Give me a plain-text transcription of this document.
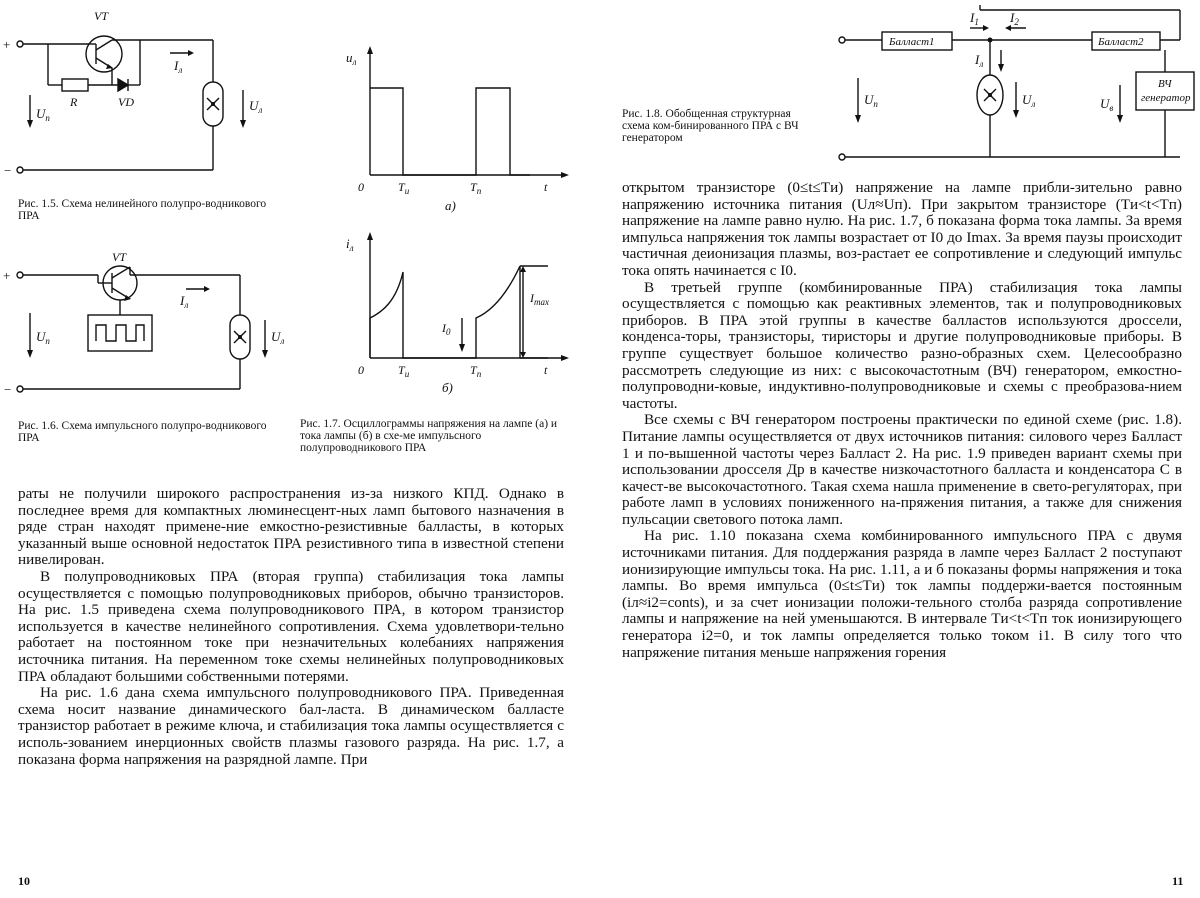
+
−
VT
R	VD
$I_л$
$U_п$
$U_л$
Рис. 1.5. Схема нелинейного полупро-водникового ПРА
+
−
VT
$I_л$
$U_п$	$U_л$
Рис. 1.6. Схема импульсного полупро-водникового ПРА
$u_л$
0	$T_и$	$T_п$	t
а)
$i_л$
0	$T_и$	$T_п$	t
б)
$I_0$
$I_{max}$
Рис. 1.7. Осциллограммы напряжения на лампе (а) и тока лампы (б) в схе-ме импульсного полупроводникового ПРА

раты не получили широкого распространения из-за низкого КПД. Однако в последнее время для компактных люминесцент-ных ламп бытового назначения в ряде стран находят примене-ние емкостно-резистивные балласты, в которых указанный выше основной недостаток ПРА резистивного типа в известной степени нивелирован.

В полупроводниковых ПРА (вторая группа) стабилизация тока лампы осуществляется с помощью полупроводниковых приборов, обычно транзисторов. На рис. 1.5 приведена схема полупроводникового ПРА, в котором транзистор используется в качестве нелинейного сопротивления. Схема удовлетвори-тельно работает на постоянном токе при незначительных колебаниях напряжения источника питания. На переменном токе схемы нелинейных полупроводниковых ПРА обладают большими собственными потерями.

На рис. 1.6 дана схема импульсного полупроводникового ПРА. Приведенная схема носит название динамического бал-ласта. В динамическом балласте транзистор работает в режиме ключа, и стабилизация тока лампы осуществляется с исполь-зованием инерционных свойств плазмы газового разряда. На рис. 1.7, а показана форма напряжения на разрядной лампе. При

10
Балласт1	Балласт2
ВЧ
генератор
$I_1$ $I_2$
$I_л$
$U_п$	$U_л$	$U_в$
Рис. 1.8. Обобщенная структурная схема ком-бинированного ПРА с ВЧ генератором

открытом транзисторе (0≤t≤Tи) напряжение на лампе прибли-зительно равно напряжению источника питания (Uл≈Uп). При закрытом транзисторе (Tи<t<Tп) напряжение на лампе равно нулю. На рис. 1.7, б показана форма тока лампы. За время импульса напряжения ток лампы возрастает от I0 до Imax. За время паузы происходит частичная деионизация плазмы, воз-растает ее сопротивление и следующий импульс тока опять начинается с I0.

В третьей группе (комбинированные ПРА) стабилизация тока лампы осуществляется с помощью как реактивных элементов, так и полупроводниковых приборов. В ПРА этой группы в качестве балластов используются дроссели, конденса-торы, транзисторы, тиристоры и другие полупроводниковые приборы. В группе существует большое количество разно-образных схем. Целесообразно рассмотреть следующие из них: с высокочастотным (ВЧ) генератором, емкостно-полупроводни-ковые, индуктивно-полупроводниковые и схемы с преобразова-нием частоты.

Все схемы с ВЧ генератором построены практически по единой схеме (рис. 1.8). Питание лампы осуществляется от двух источников питания: силового через Балласт 1 и по-вышенной частоты через Балласт 2. На рис. 1.9 приведен вариант схемы при использовании дросселя Др в качестве низкочастотного балласта и конденсатора C в качест-ве высокочастотного. Такая схема нашла применение в свето-регуляторах, при работе ламп в условиях пониженного на-пряжения питания, а также для снижения пульсации светового потока ламп.

На рис. 1.10 показана схема комбинированного импульсного ПРА с двумя источниками питания. Для поддержания разряда в лампе через Балласт 2 поступают ионизирующие импульсы тока. На рис. 1.11, а и б показаны формы напряжения и тока лампы. Во время импульса (0≤t≤Tи) ток лампы поддержи-вается постоянным (iл≈i2=conts), и за счет ионизации положи-тельного столба разряда сопротивление лампы и напряжение на ней уменьшаются. В интервале Tи<t<Tп ток ионизирующего генератора i2=0, и ток лампы определяется только током i1. В силу того что напряжение питания меньше напряжения горения

11
